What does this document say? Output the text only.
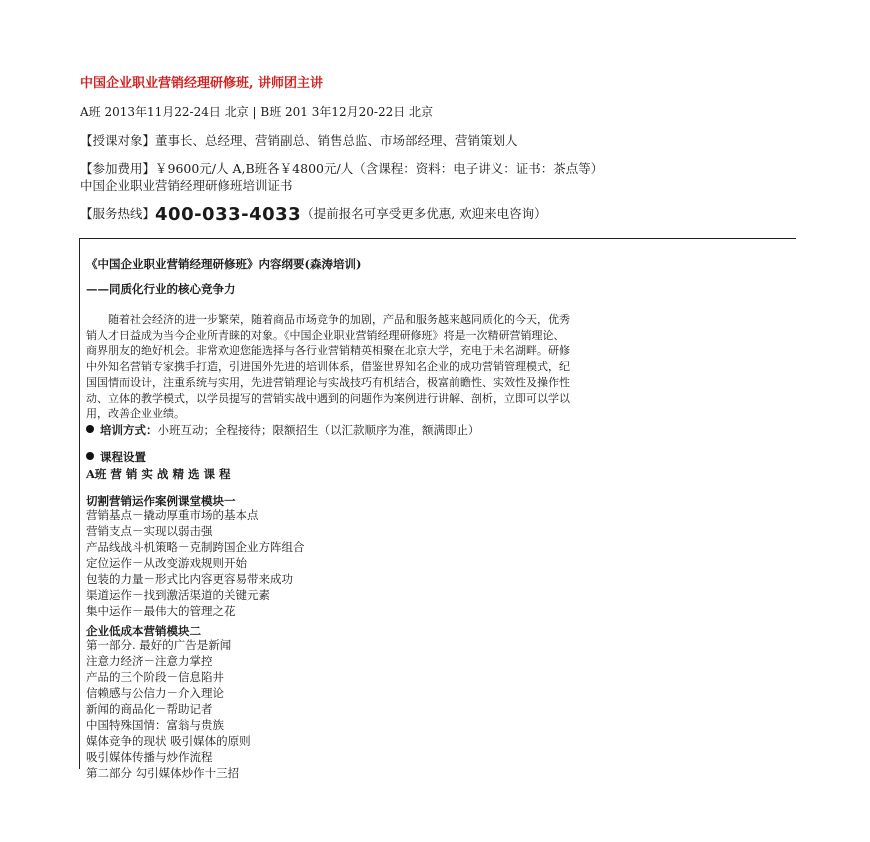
中国企业职业营销经理研修班, 讲师团主讲
A班 2013年11月22-24日 北京 | B班 201 3年12月20-22日 北京
【授课对象】董事长、总经理、营销副总、销售总监、市场部经理、营销策划人
【参加费用】￥9600元/人 A,B班各￥4800元/人（含课程：资料：电子讲义：证书：茶点等）
中国企业职业营销经理研修班培训证书
【服务热线】400-033-4033（提前报名可享受更多优惠, 欢迎来电咨询）
《中国企业职业营销经理研修班》内容纲要(森涛培训)
——同质化行业的核心竞争力

　　随着社会经济的进一步繁荣，随着商品市场竞争的加剧，产品和服务越来越同质化的今天，优秀

销人才日益成为当今企业所青睐的对象。《中国企业职业营销经理研修班》将是一次精研营销理论、

商界朋友的绝好机会。非常欢迎您能选择与各行业营销精英相聚在北京大学，充电于未名湖畔。研修

中外知名营销专家携手打造，引进国外先进的培训体系，借鉴世界知名企业的成功营销管理模式，纪

国国情而设计，注重系统与实用，先进营销理论与实战技巧有机结合，极富前瞻性、实效性及操作性

动、立体的教学模式，以学员提写的营销实战中遇到的问题作为案例进行讲解、剖析，立即可以学以

用，改善企业业绩。

培训方式：小班互动；全程接待；限额招生（以汇款顺序为准，额满即止）
课程设置
A班 营 销 实 战 精 选 课 程
切割营销运作案例课堂模块一
营销基点－撬动厚重市场的基本点
营销支点－实现以弱击强
产品线战斗机策略－克制跨国企业方阵组合
定位运作－从改变游戏规则开始
包装的力量－形式比内容更容易带来成功
渠道运作－找到激活渠道的关键元素
集中运作－最伟大的管理之花
企业低成本营销模块二
第一部分. 最好的广告是新闻
注意力经济－注意力掌控
产品的三个阶段－信息陷井
信赖感与公信力－介入理论
新闻的商品化－帮助记者
中国特殊国情：富翁与贵族
媒体竞争的现状 吸引媒体的原则
吸引媒体传播与炒作流程
第二部分 勾引媒体炒作十三招
